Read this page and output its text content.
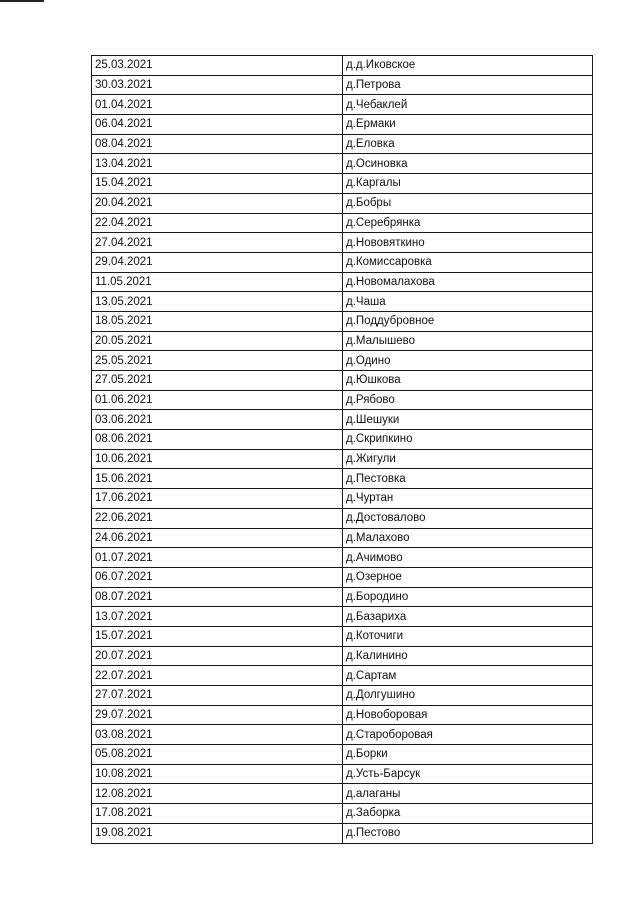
25.03.2021	д.д.Иковское
30.03.2021	д.Петрова
01.04.2021	д.Чебаклей
06.04.2021	д.Ермаки
08.04.2021	д.Еловка
13.04.2021	д.Осиновка
15.04.2021	д.Каргалы
20.04.2021	д.Бобры
22.04.2021	д.Серебрянка
27.04.2021	д.Нововяткино
29.04.2021	д.Комиссаровка
11.05.2021	д.Новомалахова
13.05.2021	д.Чаша
18.05.2021	д.Поддубровное
20.05.2021	д.Малышево
25.05.2021	д.Одино
27.05.2021	д.Юшкова
01.06.2021	д.Рябово
03.06.2021	д.Шешуки
08.06.2021	д.Скрипкино
10.06.2021	д.Жигули
15.06.2021	д.Пестовка
17.06.2021	д.Чуртан
22.06.2021	д.Достовалово
24.06.2021	д.Малахово
01.07.2021	д.Ачимово
06.07.2021	д.Озерное
08.07.2021	д.Бородино
13.07.2021	д.Базариха
15.07.2021	д.Коточиги
20.07.2021	д.Калинино
22.07.2021	д.Сартам
27.07.2021	д.Долгушино
29.07.2021	д.Новоборовая
03.08.2021	д.Староборовая
05.08.2021	д.Борки
10.08.2021	д.Усть-Барсук
12.08.2021	д.алаганы
17.08.2021	д.Заборка
19.08.2021	д.Пестово
